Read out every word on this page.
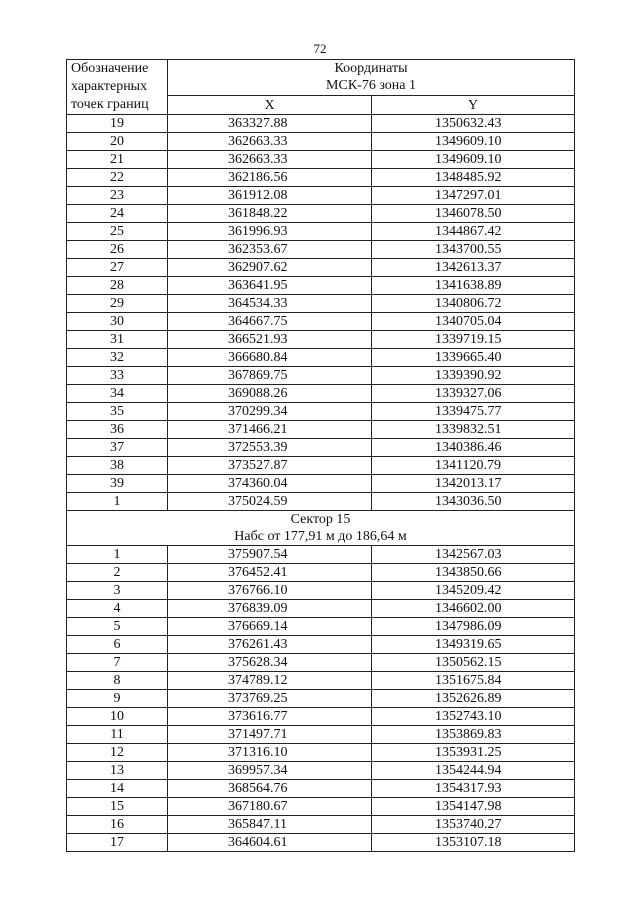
72
Обозначение
характерных
точек границ	Координаты
МСК-76 зона 1	
	X	Y
19	363327.88	1350632.43
20	362663.33	1349609.10
21	362663.33	1349609.10
22	362186.56	1348485.92
23	361912.08	1347297.01
24	361848.22	1346078.50
25	361996.93	1344867.42
26	362353.67	1343700.55
27	362907.62	1342613.37
28	363641.95	1341638.89
29	364534.33	1340806.72
30	364667.75	1340705.04
31	366521.93	1339719.15
32	366680.84	1339665.40
33	367869.75	1339390.92
34	369088.26	1339327.06
35	370299.34	1339475.77
36	371466.21	1339832.51
37	372553.39	1340386.46
38	373527.87	1341120.79
39	374360.04	1342013.17
1	375024.59	1343036.50
Сектор 15
Набс от 177,91 м до 186,64 м		
1	375907.54	1342567.03
2	376452.41	1343850.66
3	376766.10	1345209.42
4	376839.09	1346602.00
5	376669.14	1347986.09
6	376261.43	1349319.65
7	375628.34	1350562.15
8	374789.12	1351675.84
9	373769.25	1352626.89
10	373616.77	1352743.10
11	371497.71	1353869.83
12	371316.10	1353931.25
13	369957.34	1354244.94
14	368564.76	1354317.93
15	367180.67	1354147.98
16	365847.11	1353740.27
17	364604.61	1353107.18
